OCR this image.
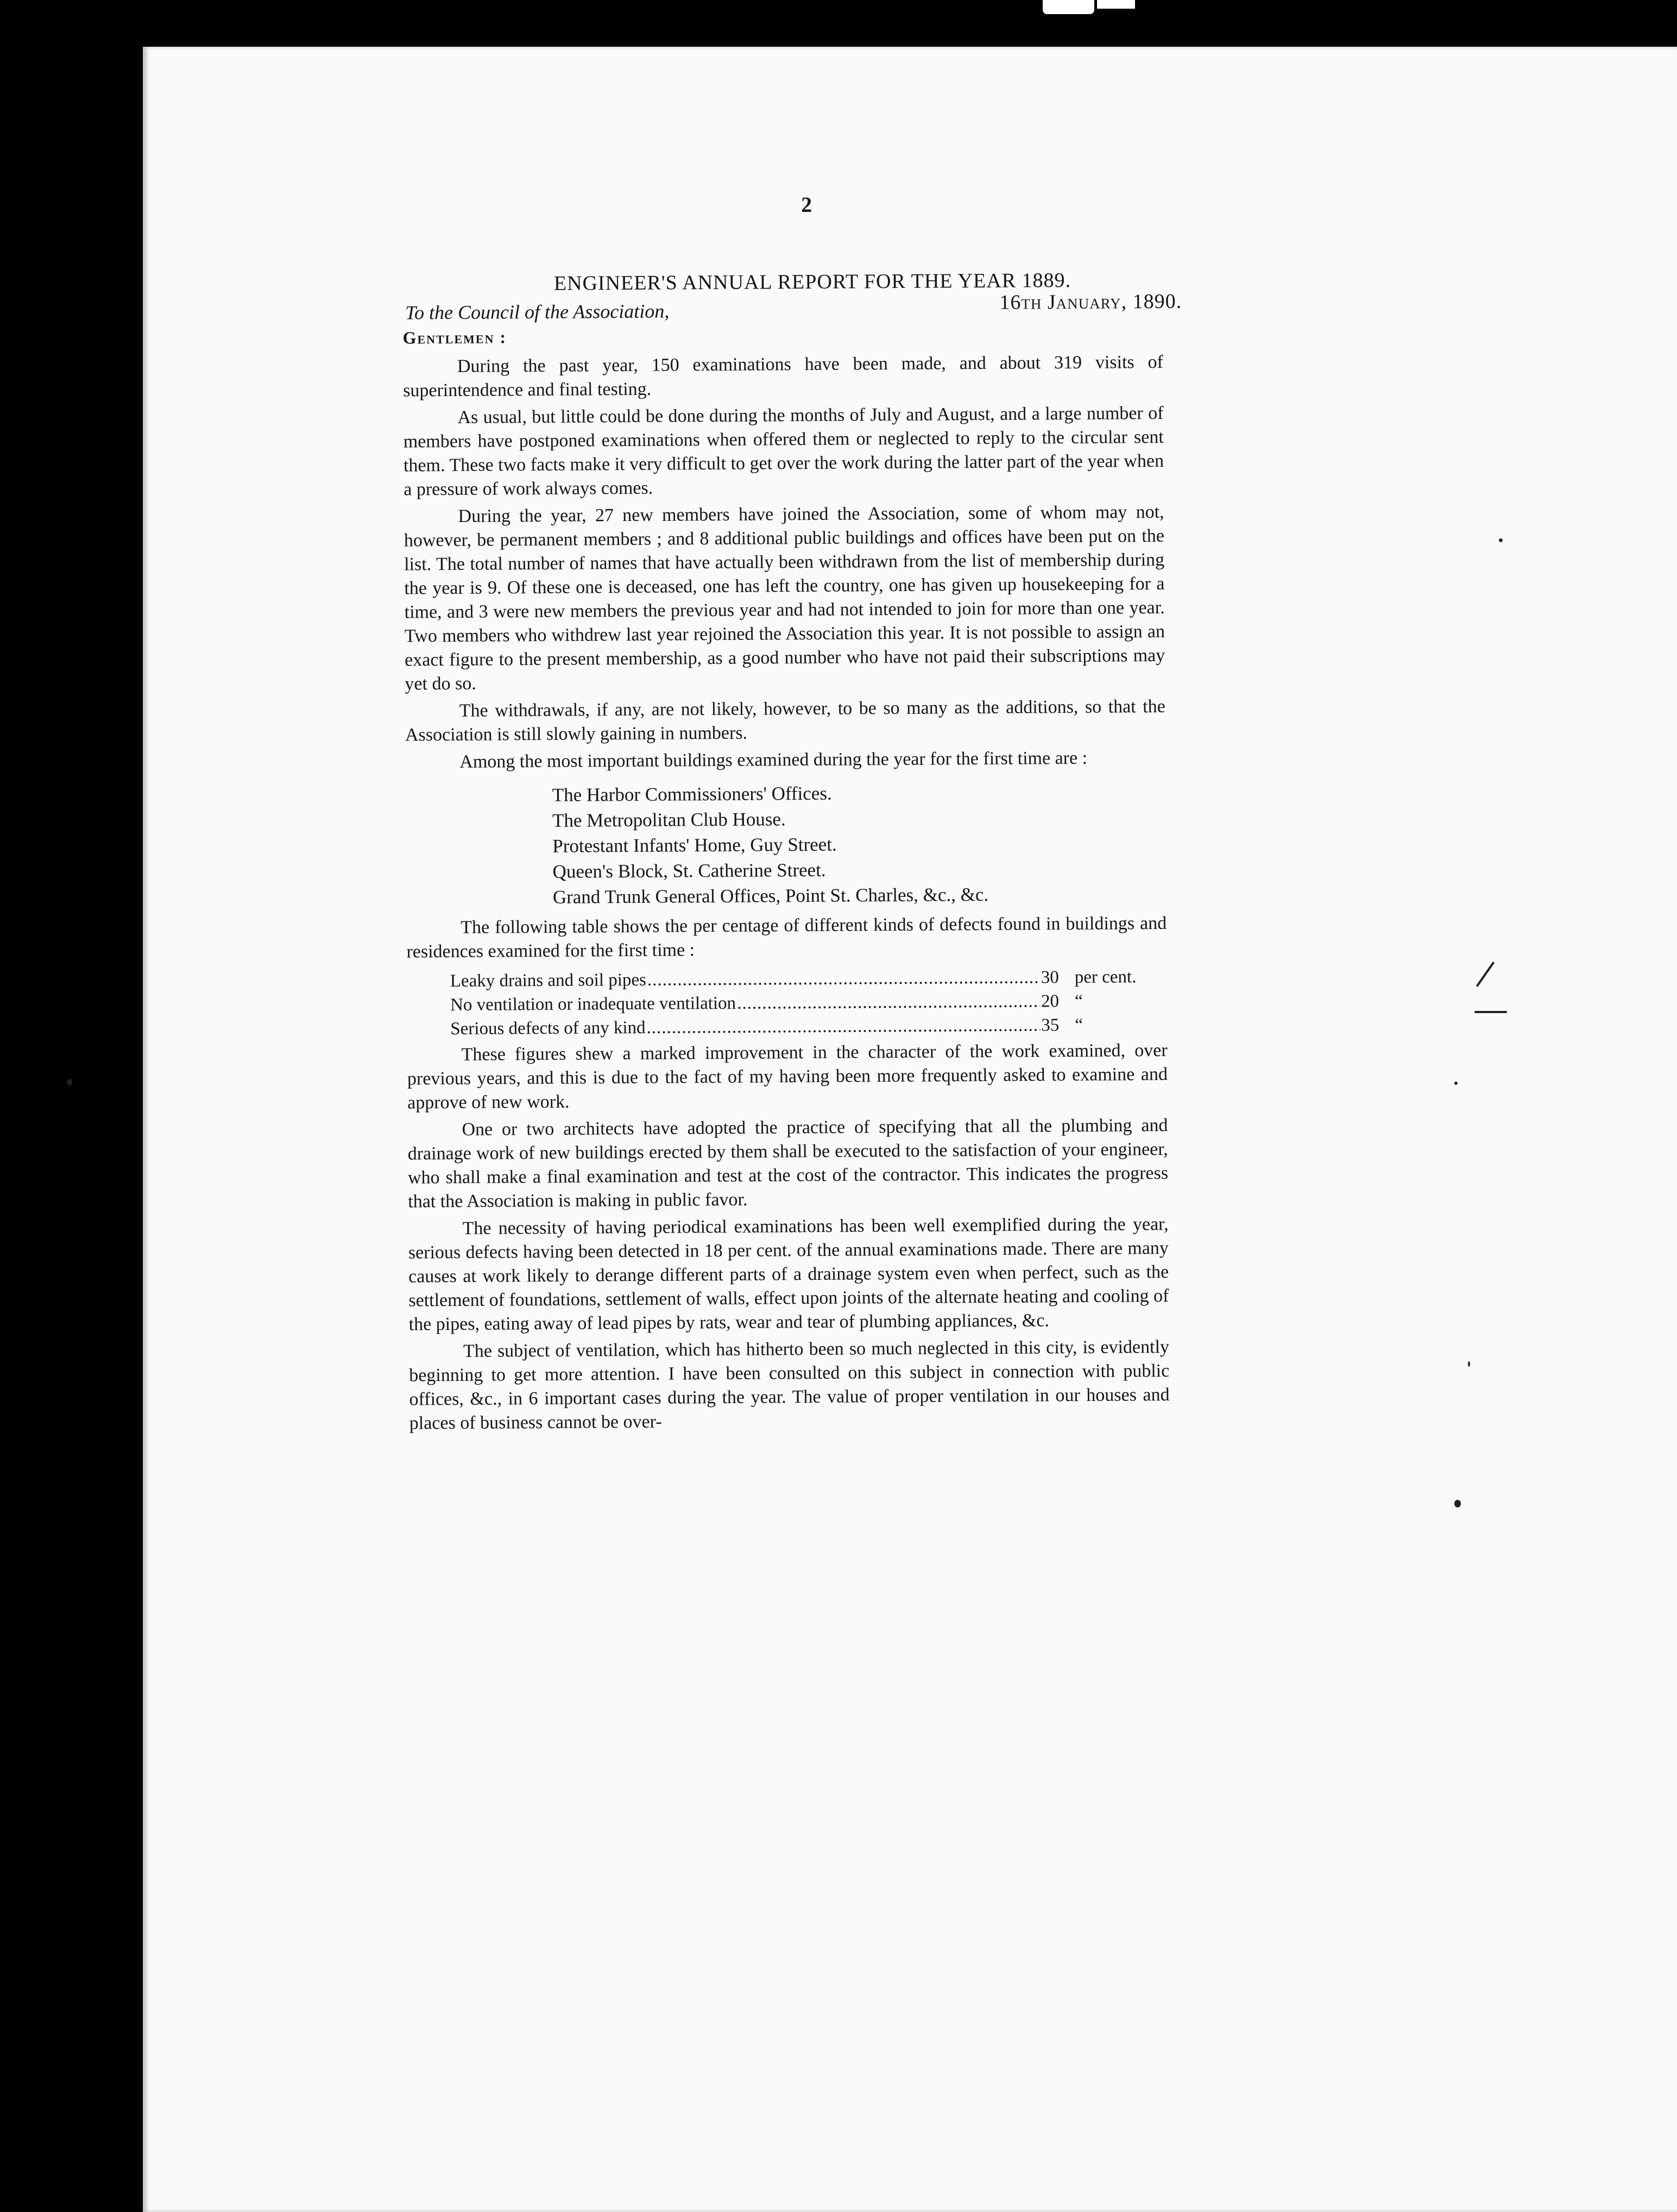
2
ENGINEER'S ANNUAL REPORT FOR THE YEAR 1889.
To the Council of the Association,	16th January, 1890.
Gentlemen :

During the past year, 150 examinations have been made, and about 319 visits of superintendence and final testing.

As usual, but little could be done during the months of July and August, and a large number of members have postponed examinations when offered them or neglected to reply to the circular sent them. These two facts make it very difficult to get over the work during the latter part of the year when a pressure of work always comes.

During the year, 27 new members have joined the Association, some of whom may not, however, be permanent members ; and 8 additional public buildings and offices have been put on the list. The total number of names that have actually been withdrawn from the list of membership during the year is 9. Of these one is deceased, one has left the country, one has given up housekeeping for a time, and 3 were new members the previous year and had not intended to join for more than one year. Two members who withdrew last year rejoined the Association this year. It is not possible to assign an exact figure to the present membership, as a good number who have not paid their subscriptions may yet do so.

The withdrawals, if any, are not likely, however, to be so many as the additions, so that the Association is still slowly gaining in numbers.

Among the most important buildings examined during the year for the first time are :

The Harbor Commissioners' Offices.
The Metropolitan Club House.
Protestant Infants' Home, Guy Street.
Queen's Block, St. Catherine Street.
Grand Trunk General Offices, Point St. Charles, &c., &c.

The following table shows the per centage of different kinds of defects found in buildings and residences examined for the first time :

Leaky drains and soil pipes .....	30 per cent.
No ventilation or inadequate ventilation .....	20 “
Serious defects of any kind .....	35 “

These figures shew a marked improvement in the character of the work examined, over previous years, and this is due to the fact of my having been more frequently asked to examine and approve of new work.

One or two architects have adopted the practice of specifying that all the plumbing and drainage work of new buildings erected by them shall be executed to the satisfaction of your engineer, who shall make a final examination and test at the cost of the contractor. This indicates the progress that the Association is making in public favor.

The necessity of having periodical examinations has been well exemplified during the year, serious defects having been detected in 18 per cent. of the annual examinations made. There are many causes at work likely to derange different parts of a drainage system even when perfect, such as the settlement of foundations, settlement of walls, effect upon joints of the alternate heating and cooling of the pipes, eating away of lead pipes by rats, wear and tear of plumbing appliances, &c.

The subject of ventilation, which has hitherto been so much neglected in this city, is evidently beginning to get more attention. I have been consulted on this subject in connection with public offices, &c., in 6 important cases during the year. The value of proper ventilation in our houses and places of business cannot be over-
